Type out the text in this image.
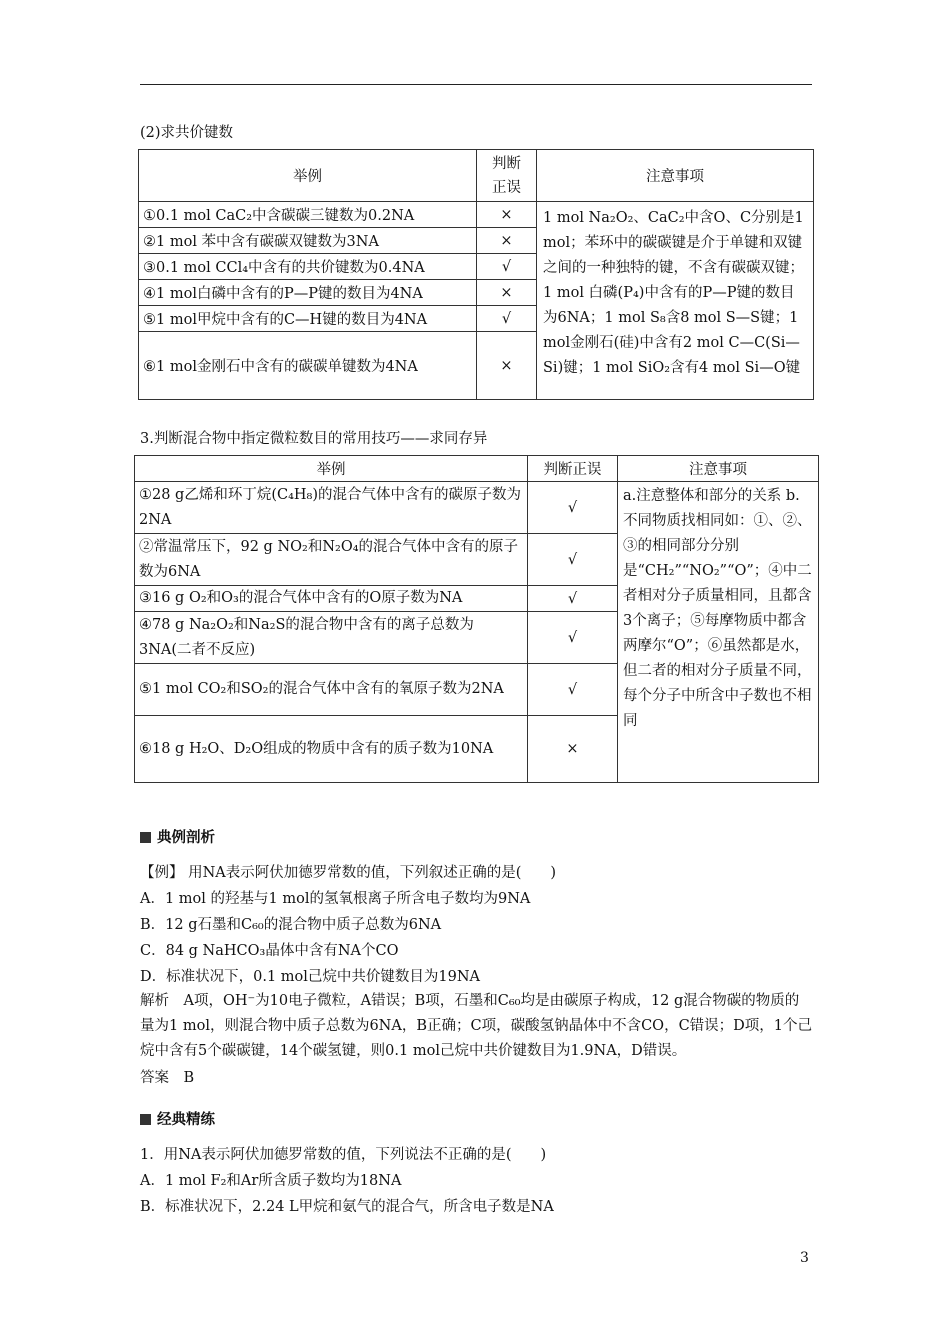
(2)求共价键数
举例	判断正误	注意事项
①0.1 mol CaC₂中含碳碳三键数为0.2NA	×	1 mol Na₂O₂、CaC₂中含O、C分别是1 mol；苯环中的碳碳键是介于单键和双键之间的一种独特的键，不含有碳碳双键；1 mol 白磷(P₄)中含有的P—P键的数目为6NA；1 mol S₈含8 mol S—S键；1 mol金刚石(硅)中含有2 mol C—C(Si—Si)键；1 mol SiO₂含有4 mol Si—O键
②1 mol 苯中含有碳碳双键数为3NA	×	
③0.1 mol CCl₄中含有的共价键数为0.4NA	√	
④1 mol白磷中含有的P—P键的数目为4NA	×	
⑤1 mol甲烷中含有的C—H键的数目为4NA	√	
⑥1 mol金刚石中含有的碳碳单键数为4NA	×	
3.判断混合物中指定微粒数目的常用技巧——求同存异
举例	判断正误	注意事项
①28 g乙烯和环丁烷(C₄H₈)的混合气体中含有的碳原子数为2NA	√	a.注意整体和部分的关系 b.不同物质找相同如：①、②、③的相同部分分别是“CH₂”“NO₂”“O”；④中二者相对分子质量相同，且都含3个离子；⑤每摩物质中都含两摩尔“O”；⑥虽然都是水，但二者的相对分子质量不同，每个分子中所含中子数也不相同
②常温常压下，92 g NO₂和N₂O₄的混合气体中含有的原子数为6NA	√	
③16 g O₂和O₃的混合气体中含有的O原子数为NA	√	
④78 g Na₂O₂和Na₂S的混合物中含有的离子总数为3NA(二者不反应)	√	
⑤1 mol CO₂和SO₂的混合气体中含有的氧原子数为2NA	√	
⑥18 g H₂O、D₂O组成的物质中含有的质子数为10NA	×	
典例剖析
【例】 用NA表示阿伏加德罗常数的值，下列叙述正确的是(　　)
A．1 mol 的羟基与1 mol的氢氧根离子所含电子数均为9NA
B．12 g石墨和C₆₀的混合物中质子总数为6NA
C．84 g NaHCO₃晶体中含有NA个CO
D．标准状况下，0.1 mol己烷中共价键数目为19NA
解析　A项，OH⁻为10电子微粒，A错误；B项，石墨和C₆₀均是由碳原子构成，12 g混合物碳的物质的量为1 mol，则混合物中质子总数为6NA，B正确；C项，碳酸氢钠晶体中不含CO，C错误；D项，1个己烷中含有5个碳碳键，14个碳氢键，则0.1 mol己烷中共价键数目为1.9NA，D错误。
答案　B
经典精练
1．用NA表示阿伏加德罗常数的值，下列说法不正确的是(　　)
A．1 mol F₂和Ar所含质子数均为18NA
B．标准状况下，2.24 L甲烷和氨气的混合气，所含电子数是NA
3
